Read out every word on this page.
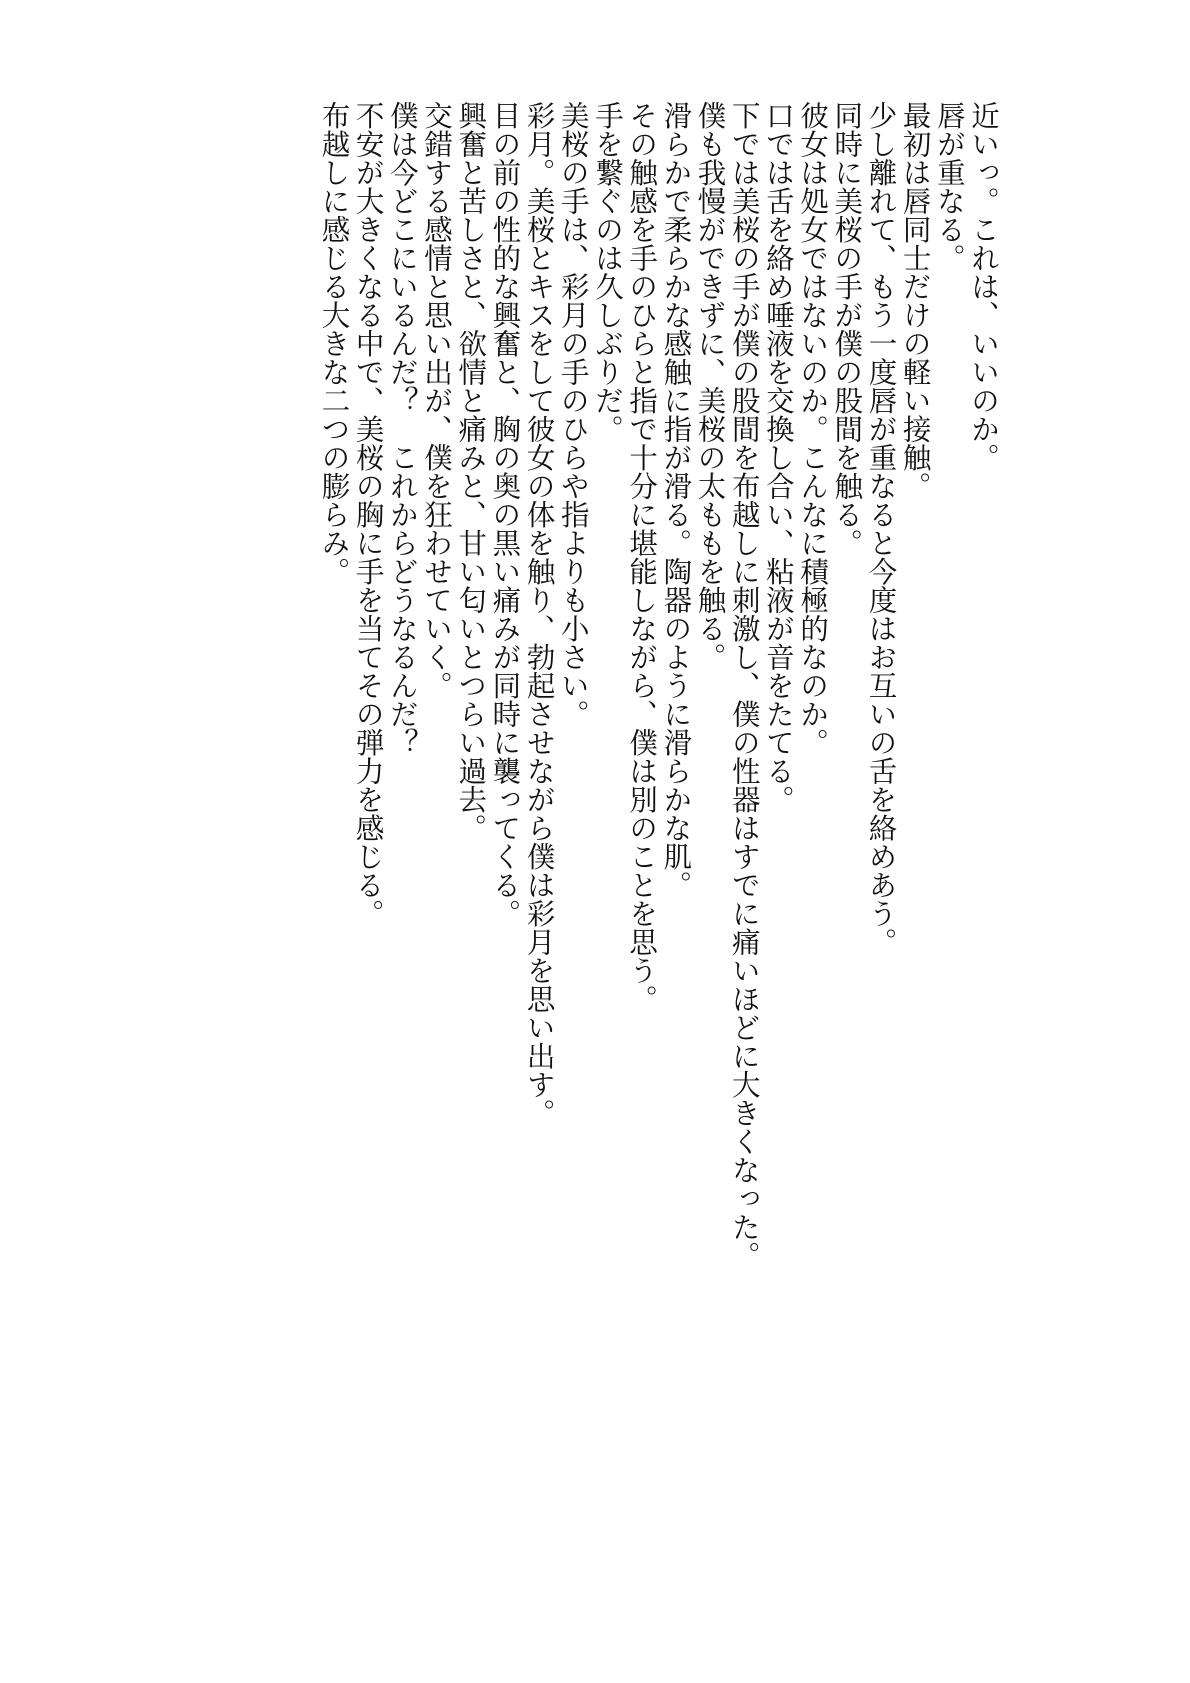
近いっ。これは、いいのか。
唇が重なる。
最初は唇同士だけの軽い接触。
少し離れて、もう一度唇が重なると今度はお互いの舌を絡めあう。
同時に美桜の手が僕の股間を触る。
彼女は処女ではないのか。こんなに積極的なのか。
口では舌を絡め唾液を交換し合い、粘液が音をたてる。
下では美桜の手が僕の股間を布越しに刺激し、僕の性器はすでに痛いほどに大きくなった。
僕も我慢ができずに、美桜の太ももを触る。
滑らかで柔らかな感触に指が滑る。陶器のように滑らかな肌。
その触感を手のひらと指で十分に堪能しながら、僕は別のことを思う。
手を繋ぐのは久しぶりだ。
美桜の手は、彩月の手のひらや指よりも小さい。
彩月。美桜とキスをして彼女の体を触り、勃起させながら僕は彩月を思い出す。
目の前の性的な興奮と、胸の奥の黒い痛みが同時に襲ってくる。
興奮と苦しさと、欲情と痛みと、甘い匂いとつらい過去。
交錯する感情と思い出が、僕を狂わせていく。
僕は今どこにいるんだ？　これからどうなるんだ？
不安が大きくなる中で、美桜の胸に手を当てその弾力を感じる。
布越しに感じる大きな二つの膨らみ。
